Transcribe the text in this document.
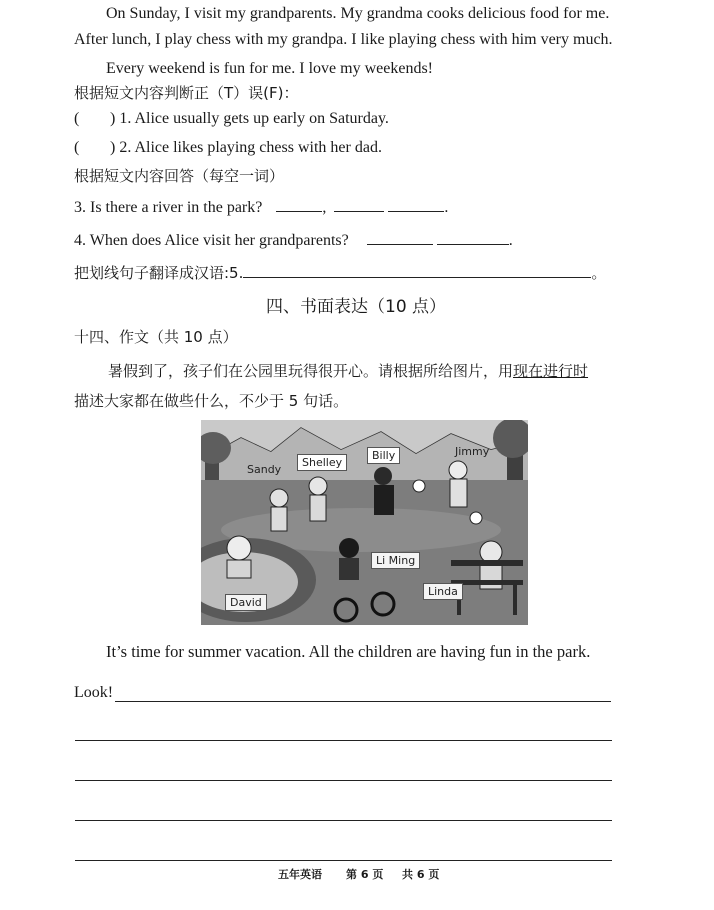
On Sunday, I visit my grandparents. My grandma cooks delicious food for me.
After lunch, I play chess with my grandpa. I like playing chess with him very much.
Every weekend is fun for me. I love my weekends!
根据短文内容判断正（T）误(F)：
( ) 1. Alice usually gets up early on Saturday.
( ) 2. Alice likes playing chess with her dad.
根据短文内容回答（每空一词）
3. Is there a river in the park?	,	.
4. When does Alice visit her grandparents?	.
把划线句子翻译成汉语:5.	。
四、书面表达（10 点）
十四、作文（共 10 点）
暑假到了，孩子们在公园里玩得很开心。请根据所给图片，用现在进行时
描述大家都在做些什么，不少于 5 句话。
Sandy
Shelley
Billy	Jimmy
Li Ming
David
Linda
It’s time for summer vacation. All the children are having fun in the park.
Look!
五年英语 第 6 页 共 6 页
